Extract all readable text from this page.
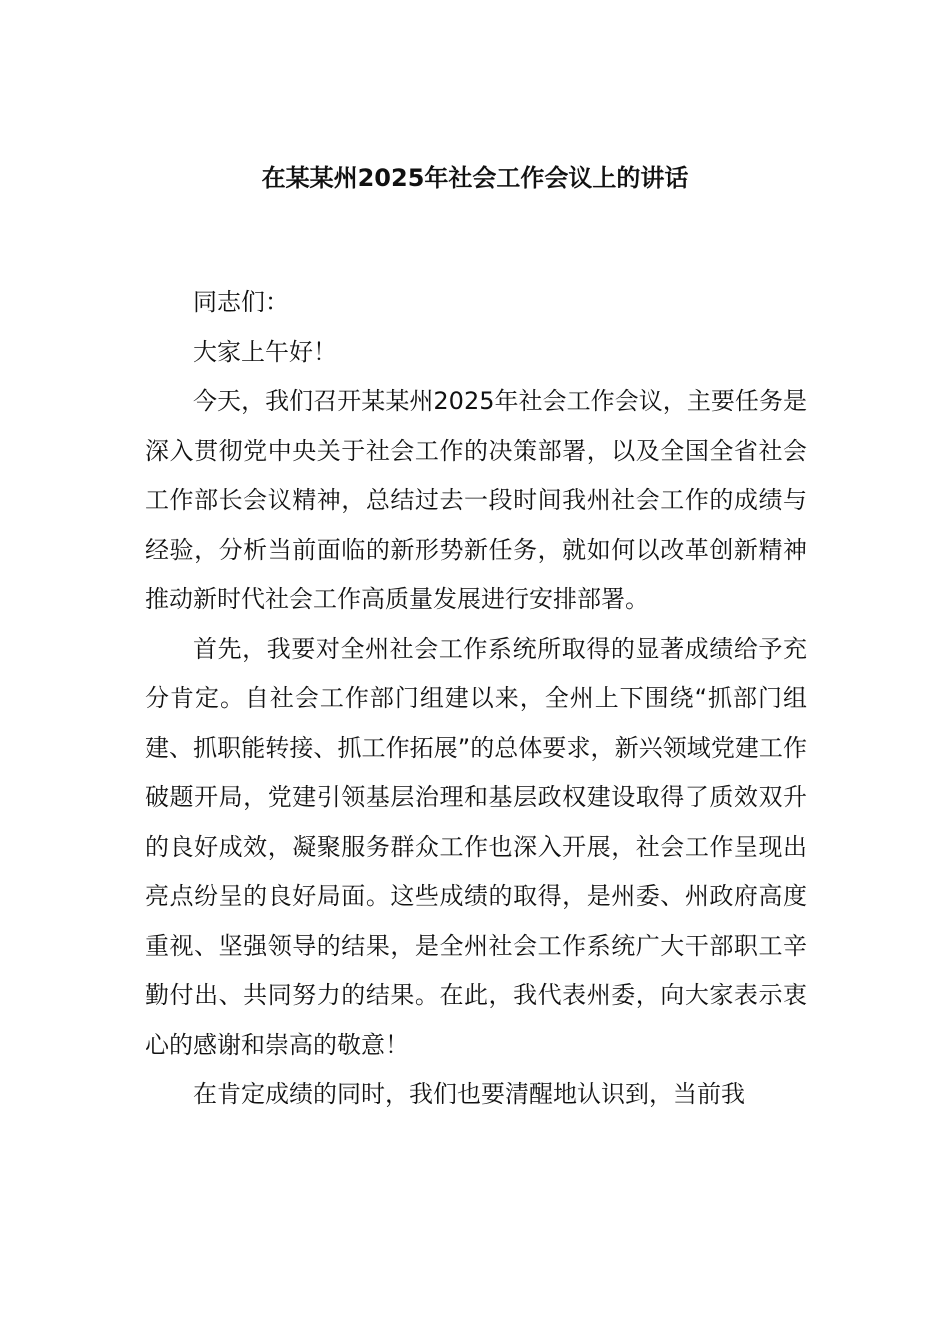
在某某州2025年社会工作会议上的讲话

同志们：

大家上午好！

今天，我们召开某某州2025年社会工作会议，主要任务是深入贯彻党中央关于社会工作的决策部署，以及全国全省社会工作部长会议精神，总结过去一段时间我州社会工作的成绩与经验，分析当前面临的新形势新任务，就如何以改革创新精神推动新时代社会工作高质量发展进行安排部署。

首先，我要对全州社会工作系统所取得的显著成绩给予充分肯定。自社会工作部门组建以来，全州上下围绕“抓部门组建、抓职能转接、抓工作拓展”的总体要求，新兴领域党建工作破题开局，党建引领基层治理和基层政权建设取得了质效双升的良好成效，凝聚服务群众工作也深入开展，社会工作呈现出亮点纷呈的良好局面。这些成绩的取得，是州委、州政府高度重视、坚强领导的结果，是全州社会工作系统广大干部职工辛勤付出、共同努力的结果。在此，我代表州委，向大家表示衷心的感谢和崇高的敬意！

在肯定成绩的同时，我们也要清醒地认识到，当前我
